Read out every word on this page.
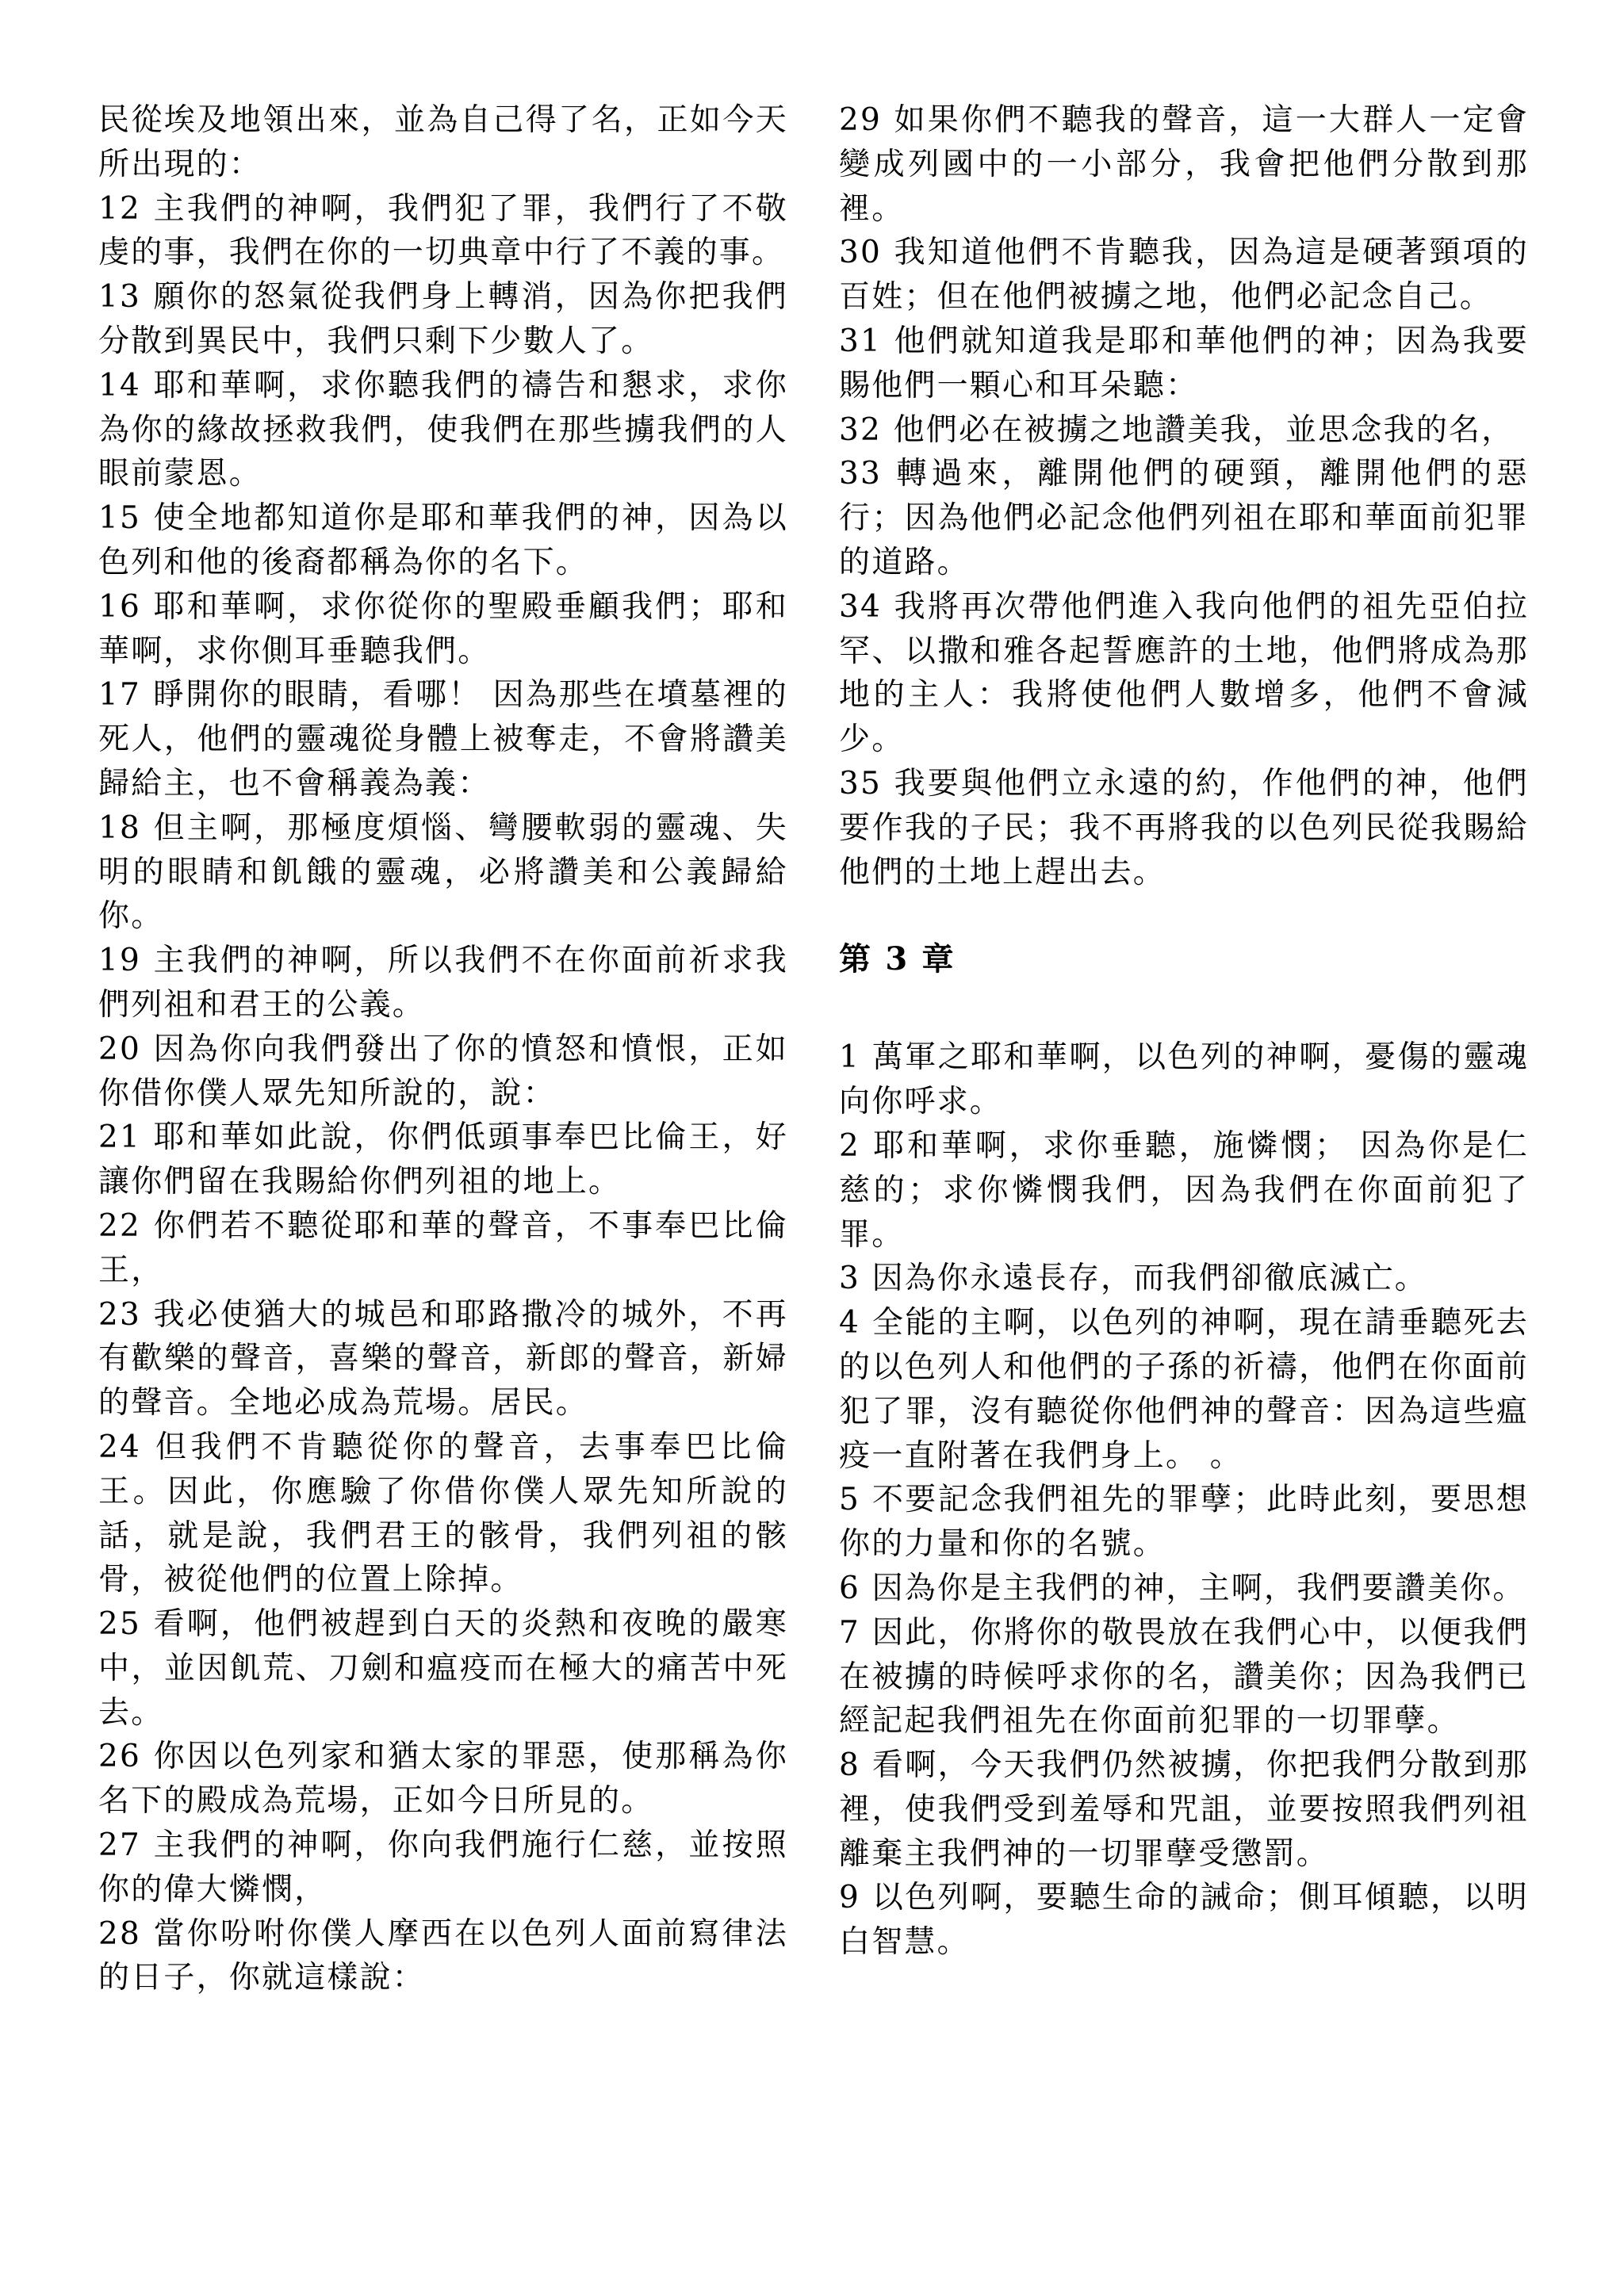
民從埃及地領出來，並為自己得了名，正如今天所出現的：

12 主我們的神啊，我們犯了罪，我們行了不敬虔的事，我們在你的一切典章中行了不義的事。

13 願你的怒氣從我們身上轉消，因為你把我們分散到異民中，我們只剩下少數人了。

14 耶和華啊，求你聽我們的禱告和懇求，求你為你的緣故拯救我們，使我們在那些擄我們的人眼前蒙恩。

15 使全地都知道你是耶和華我們的神，因為以色列和他的後裔都稱為你的名下。

16 耶和華啊，求你從你的聖殿垂顧我們；耶和華啊，求你側耳垂聽我們。

17 睜開你的眼睛，看哪！ 因為那些在墳墓裡的死人，他們的靈魂從身體上被奪走，不會將讚美歸給主，也不會稱義為義：

18 但主啊，那極度煩惱、彎腰軟弱的靈魂、失明的眼睛和飢餓的靈魂，必將讚美和公義歸給你。

19 主我們的神啊，所以我們不在你面前祈求我們列祖和君王的公義。

20 因為你向我們發出了你的憤怒和憤恨，正如你借你僕人眾先知所說的，說：

21 耶和華如此說，你們低頭事奉巴比倫王，好讓你們留在我賜給你們列祖的地上。

22 你們若不聽從耶和華的聲音，不事奉巴比倫王，

23 我必使猶大的城邑和耶路撒冷的城外，不再有歡樂的聲音，喜樂的聲音，新郎的聲音，新婦的聲音。全地必成為荒場。居民。

24 但我們不肯聽從你的聲音，去事奉巴比倫王。因此，你應驗了你借你僕人眾先知所說的話，就是說，我們君王的骸骨，我們列祖的骸骨，被從他們的位置上除掉。

25 看啊，他們被趕到白天的炎熱和夜晚的嚴寒中，並因飢荒、刀劍和瘟疫而在極大的痛苦中死去。

26 你因以色列家和猶太家的罪惡，使那稱為你名下的殿成為荒場，正如今日所見的。

27 主我們的神啊，你向我們施行仁慈，並按照你的偉大憐憫，

28 當你吩咐你僕人摩西在以色列人面前寫律法的日子，你就這樣說：

29 如果你們不聽我的聲音，這一大群人一定會變成列國中的一小部分，我會把他們分散到那裡。

30 我知道他們不肯聽我，因為這是硬著頸項的百姓；但在他們被擄之地，他們必記念自己。

31 他們就知道我是耶和華他們的神；因為我要賜他們一顆心和耳朵聽：

32 他們必在被擄之地讚美我，並思念我的名，

33 轉過來，離開他們的硬頸，離開他們的惡行；因為他們必記念他們列祖在耶和華面前犯罪的道路。

34 我將再次帶他們進入我向他們的祖先亞伯拉罕、以撒和雅各起誓應許的土地，他們將成為那地的主人：我將使他們人數增多，他們不會減少。

35 我要與他們立永遠的約，作他們的神，他們要作我的子民；我不再將我的以色列民從我賜給他們的土地上趕出去。

第 3 章

1 萬軍之耶和華啊，以色列的神啊，憂傷的靈魂向你呼求。

2 耶和華啊，求你垂聽，施憐憫； 因為你是仁慈的；求你憐憫我們，因為我們在你面前犯了罪。

3 因為你永遠長存，而我們卻徹底滅亡。

4 全能的主啊，以色列的神啊，現在請垂聽死去的以色列人和他們的子孫的祈禱，他們在你面前犯了罪，沒有聽從你他們神的聲音：因為這些瘟疫一直附著在我們身上。 。

5 不要記念我們祖先的罪孽；此時此刻，要思想你的力量和你的名號。

6 因為你是主我們的神，主啊，我們要讚美你。

7 因此，你將你的敬畏放在我們心中，以便我們在被擄的時候呼求你的名，讚美你；因為我們已經記起我們祖先在你面前犯罪的一切罪孽。

8 看啊，今天我們仍然被擄，你把我們分散到那裡，使我們受到羞辱和咒詛，並要按照我們列祖離棄主我們神的一切罪孽受懲罰。

9 以色列啊，要聽生命的誡命；側耳傾聽，以明白智慧。
